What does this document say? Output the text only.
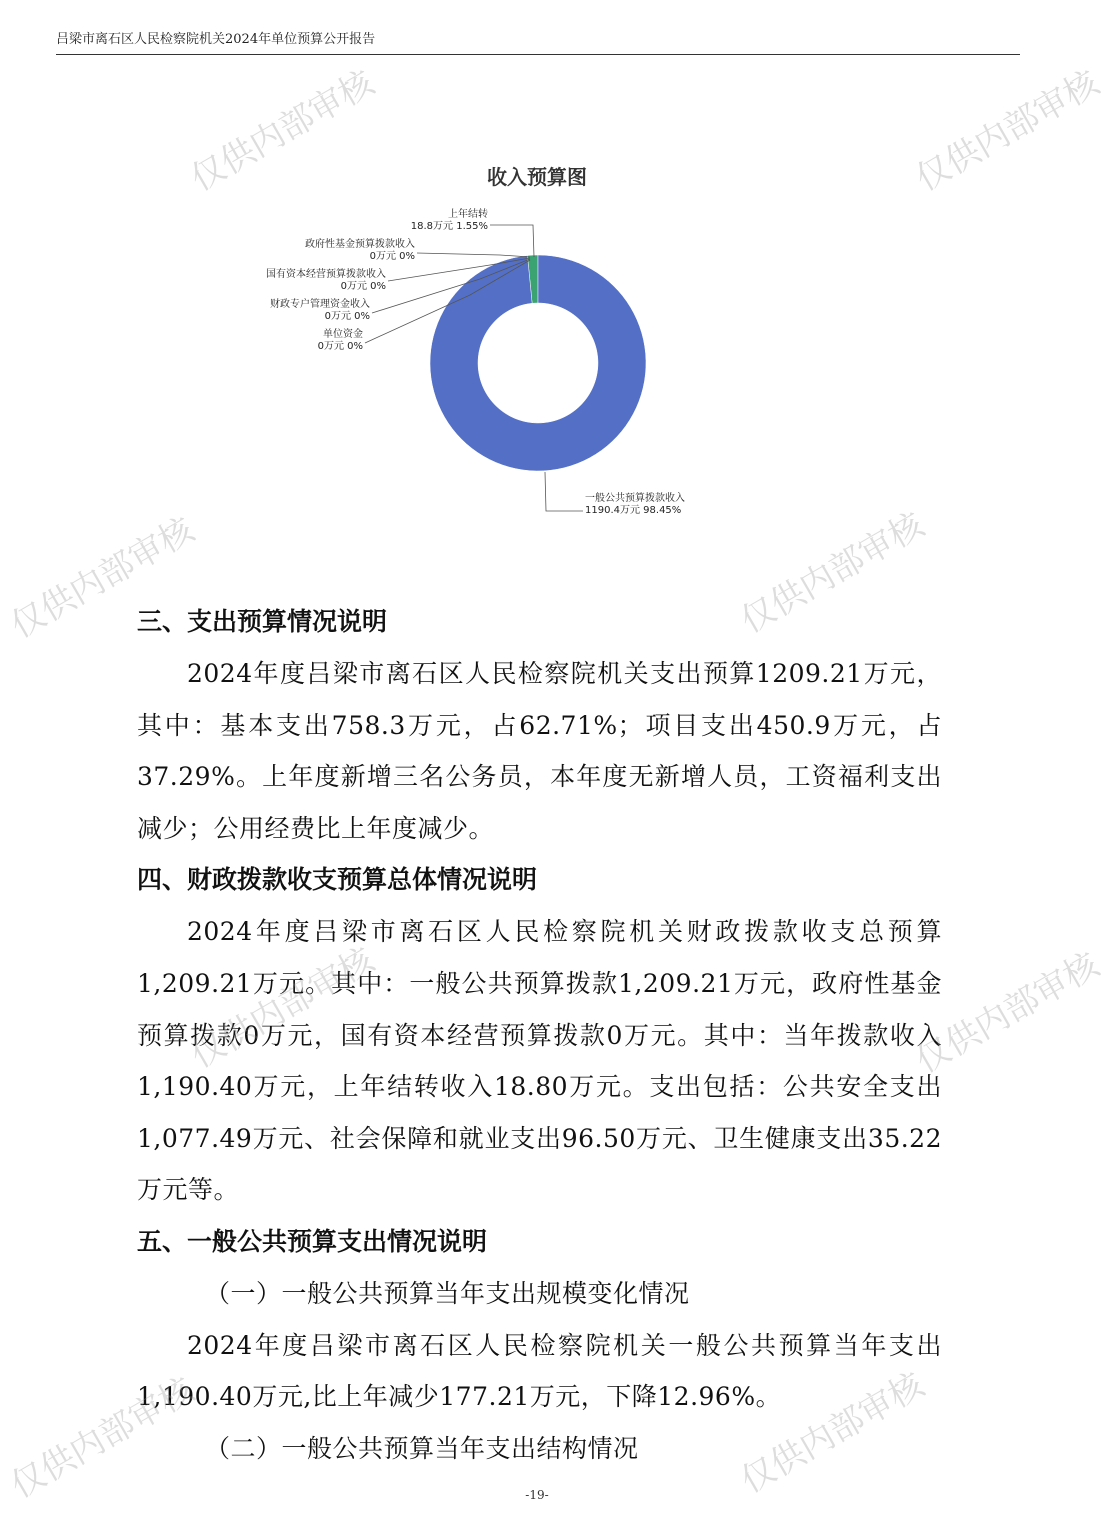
吕梁市离石区人民检察院机关2024年单位预算公开报告
收入预算图
上年结转
18.8万元 1.55%
政府性基金预算拨款收入
0万元 0%
国有资本经营预算拨款收入
0万元 0%
财政专户管理资金收入
0万元 0%
单位资金
0万元 0%
一般公共预算拨款收入
1190.4万元 98.45%
三、支出预算情况说明

2024年度吕梁市离石区人民检察院机关支出预算1209.21万元，其中：基本支出758.3万元，占62.71%；项目支出450.9万元，占37.29%。上年度新增三名公务员，本年度无新增人员，工资福利支出减少；公用经费比上年度减少。

四、财政拨款收支预算总体情况说明

2024年度吕梁市离石区人民检察院机关财政拨款收支总预算1,209.21万元。其中：一般公共预算拨款1,209.21万元，政府性基金预算拨款0万元，国有资本经营预算拨款0万元。其中：当年拨款收入1,190.40万元，上年结转收入18.80万元。支出包括：公共安全支出1,077.49万元、社会保障和就业支出96.50万元、卫生健康支出35.22万元等。

五、一般公共预算支出情况说明
（一）一般公共预算当年支出规模变化情况

2024年度吕梁市离石区人民检察院机关一般公共预算当年支出1,190.40万元,比上年减少177.21万元，下降12.96%。

（二）一般公共预算当年支出结构情况
仅供内部审核	仅供内部审核
仅供内部审核	仅供内部审核
仅供内部审核	仅供内部审核
仅供内部审核	仅供内部审核
-19-
